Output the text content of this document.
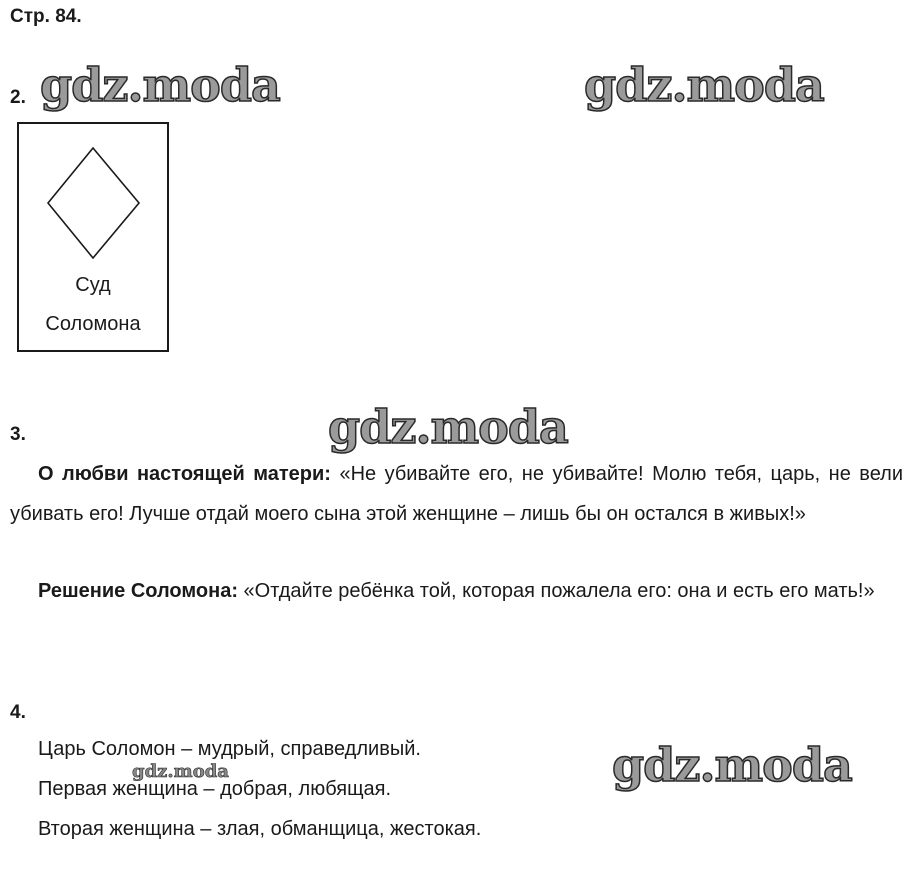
Стр. 84.
gdz.moda	gdz.moda
gdz.moda
gdz.moda
2.
Суд
Соломона
3.
О любви настоящей матери: «Не убивайте его, не убивайте! Молю тебя, царь, не вели убивать его! Лучше отдай моего сына этой женщине – лишь бы он остался в живых!»
Решение Соломона: «Отдайте ребёнка той, которая пожалела его: она и есть его мать!»
4.
Царь Соломон – мудрый, справедливый.
Первая женщина – добрая, любящая.
Вторая женщина – злая, обманщица, жестокая.
gdz.moda
